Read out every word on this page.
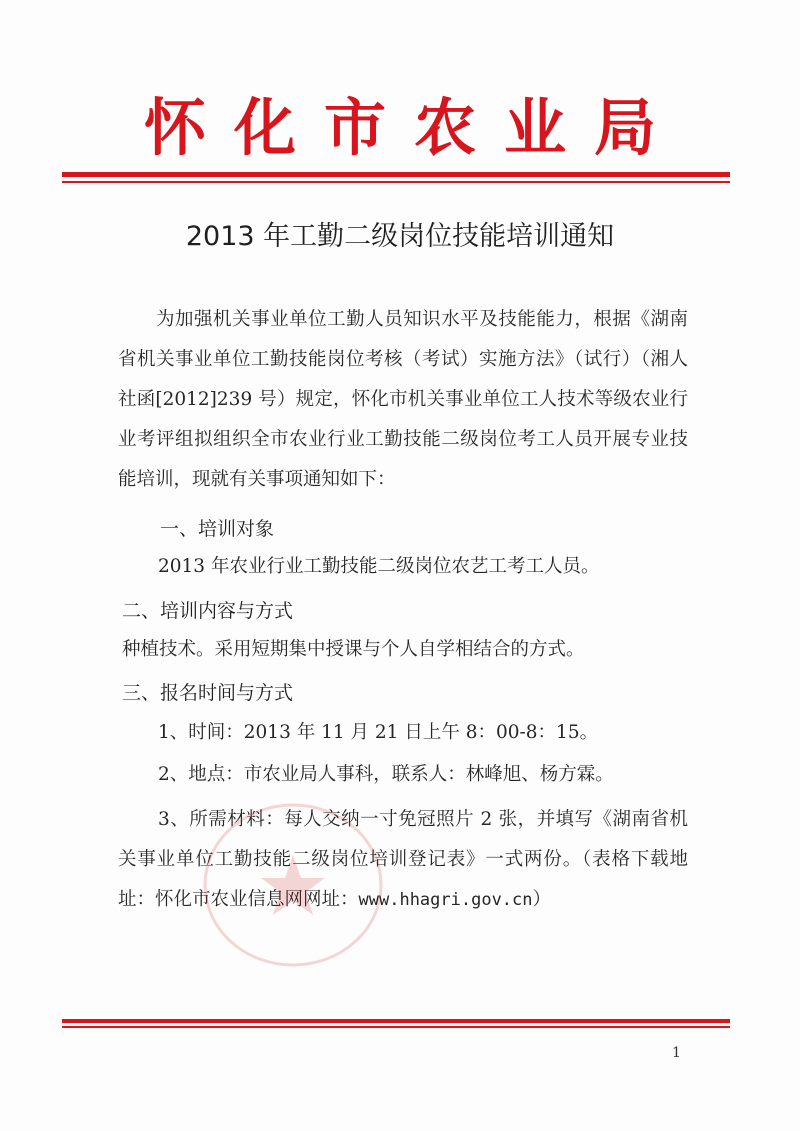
怀化市农业局
2013 年工勤二级岗位技能培训通知
为加强机关事业单位工勤人员知识水平及技能能力，根据《湖南省机关事业单位工勤技能岗位考核（考试）实施方法》（试行）（湘人社函[2012]239 号）规定，怀化市机关事业单位工人技术等级农业行业考评组拟组织全市农业行业工勤技能二级岗位考工人员开展专业技能培训，现就有关事项通知如下：
一、培训对象
2013 年农业行业工勤技能二级岗位农艺工考工人员。
二、培训内容与方式
种植技术。采用短期集中授课与个人自学相结合的方式。
三、报名时间与方式
1、时间：2013 年 11 月 21 日上午 8：00-8：15。
2、地点：市农业局人事科，联系人：林峰旭、杨方霖。
3、所需材料：每人交纳一寸免冠照片 2 张，并填写《湖南省机关事业单位工勤技能二级岗位培训登记表》一式两份。（表格下载地址：怀化市农业信息网网址：www.hhagri.gov.cn）
1
